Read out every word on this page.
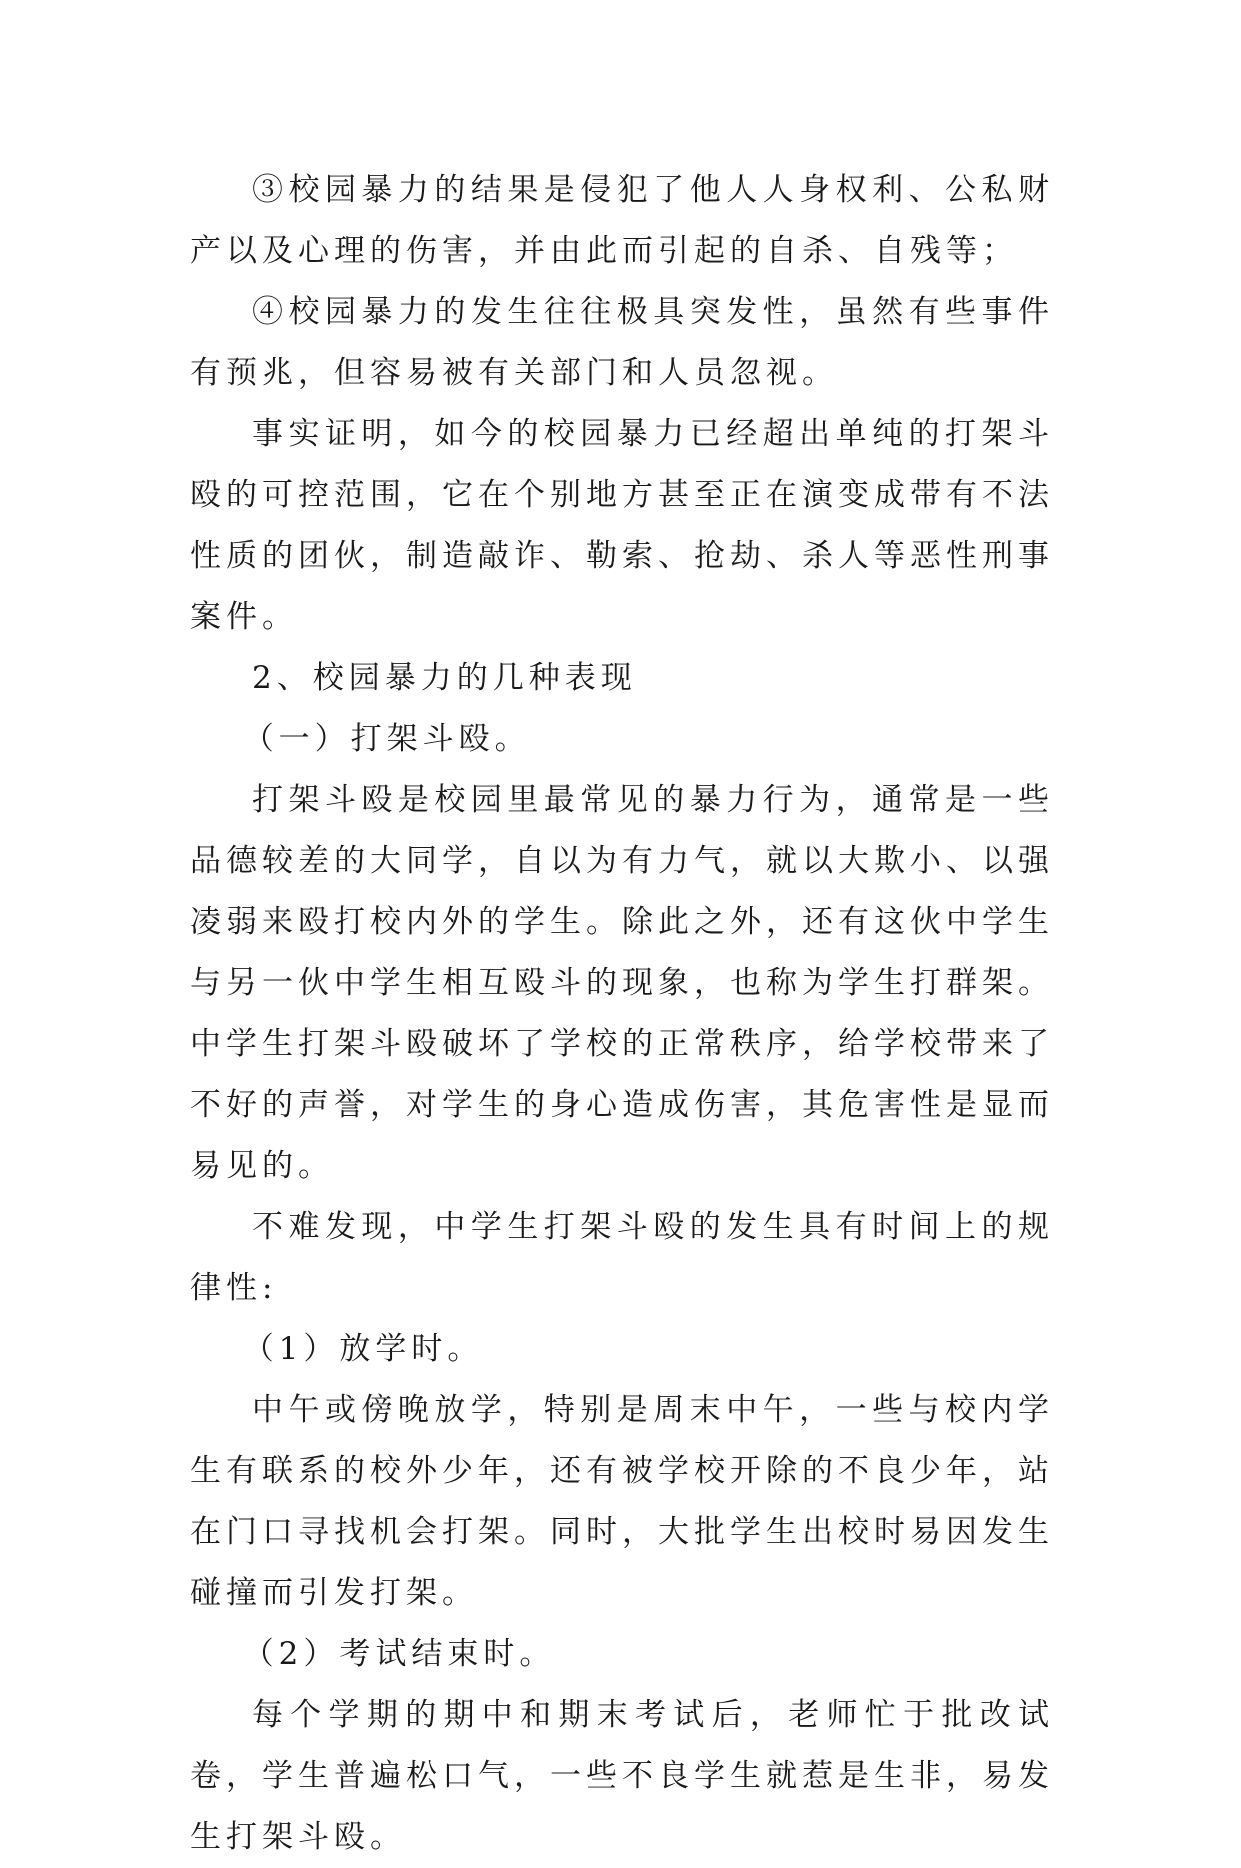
③校园暴力的结果是侵犯了他人人身权利、公私财产以及心理的伤害，并由此而引起的自杀、自残等；

④校园暴力的发生往往极具突发性，虽然有些事件有预兆，但容易被有关部门和人员忽视。

事实证明，如今的校园暴力已经超出单纯的打架斗殴的可控范围，它在个别地方甚至正在演变成带有不法性质的团伙，制造敲诈、勒索、抢劫、杀人等恶性刑事案件。

2、校园暴力的几种表现

（一）打架斗殴。

打架斗殴是校园里最常见的暴力行为，通常是一些品德较差的大同学，自以为有力气，就以大欺小、以强凌弱来殴打校内外的学生。除此之外，还有这伙中学生与另一伙中学生相互殴斗的现象，也称为学生打群架。中学生打架斗殴破坏了学校的正常秩序，给学校带来了不好的声誉，对学生的身心造成伤害，其危害性是显而易见的。

不难发现，中学生打架斗殴的发生具有时间上的规律性:

（1）放学时。

中午或傍晚放学，特别是周末中午，一些与校内学生有联系的校外少年，还有被学校开除的不良少年，站在门口寻找机会打架。同时，大批学生出校时易因发生碰撞而引发打架。

（2）考试结束时。

每个学期的期中和期末考试后，老师忙于批改试卷，学生普遍松口气，一些不良学生就惹是生非，易发生打架斗殴。
